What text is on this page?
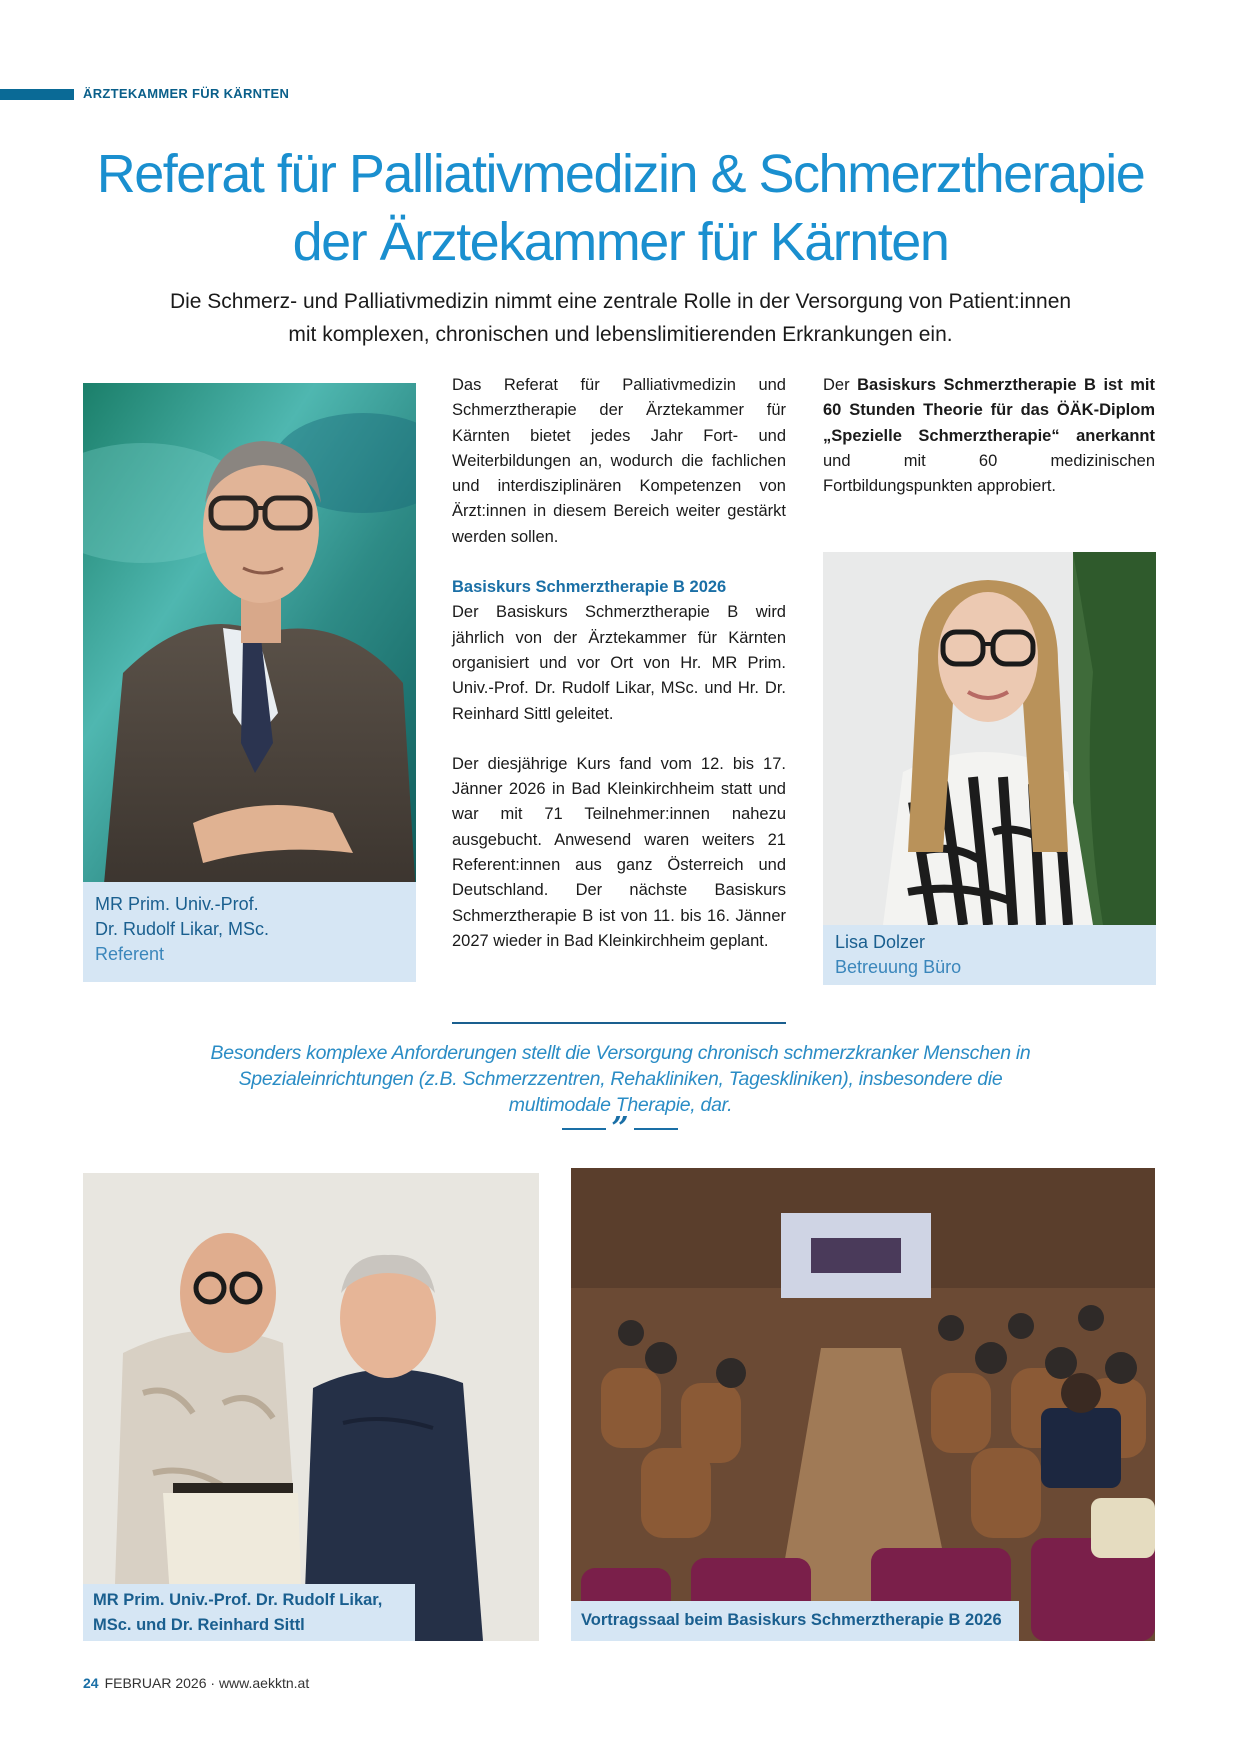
ÄRZTEKAMMER FÜR KÄRNTEN
Referat für Palliativmedizin & Schmerztherapie
der Ärztekammer für Kärnten
Die Schmerz- und Palliativmedizin nimmt eine zentrale Rolle in der Versorgung von Patient:innen
mit komplexen, chronischen und lebenslimitierenden Erkrankungen ein.
MR Prim. Univ.-Prof.
Dr. Rudolf Likar, MSc.
Referent

Das Referat für Palliativmedizin und Schmerztherapie der Ärztekammer für Kärnten bietet jedes Jahr Fort- und Weiterbildungen an, wodurch die fachlichen und interdisziplinären Kompetenzen von Ärzt:innen in diesem Bereich weiter gestärkt werden sollen.

Basiskurs Schmerztherapie B 2026

Der Basiskurs Schmerztherapie B wird jährlich von der Ärztekammer für Kärnten organisiert und vor Ort von Hr. MR Prim. Univ.-Prof. Dr. Rudolf Likar, MSc. und Hr. Dr. Reinhard Sittl geleitet.

Der diesjährige Kurs fand vom 12. bis 17. Jänner 2026 in Bad Kleinkirchheim statt und war mit 71 Teilnehmer:innen nahezu ausgebucht. Anwesend waren weiters 21 Referent:innen aus ganz Österreich und Deutschland. Der nächste Basiskurs Schmerztherapie B ist von 11. bis 16. Jänner 2027 wieder in Bad Kleinkirchheim geplant.

Der Basiskurs Schmerztherapie B ist mit 60 Stunden Theorie für das ÖÄK-Diplom „Spezielle Schmerztherapie“ anerkannt und mit 60 medizinischen Fortbildungspunkten approbiert.
Lisa Dolzer
Betreuung Büro
Besonders komplexe Anforderungen stellt die Versorgung chronisch schmerzkranker Menschen in Spezialeinrichtungen (z.B. Schmerzzentren, Rehakliniken, Tageskliniken), insbesondere die multimodale Therapie, dar.
”
MR Prim. Univ.-Prof. Dr. Rudolf Likar,
MSc. und Dr. Reinhard Sittl	Vortragssaal beim Basiskurs Schmerztherapie B 2026
24 FEBRUAR 2026 · www.aekktn.at
